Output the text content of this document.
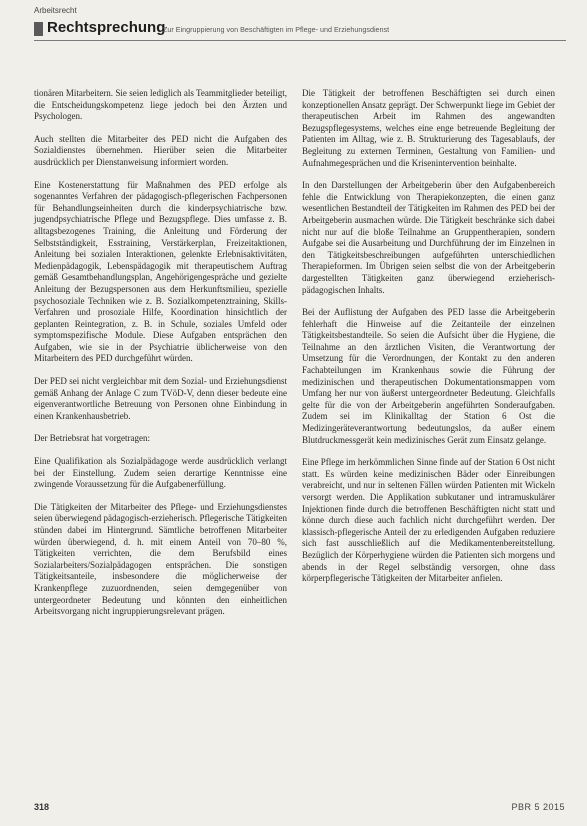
Arbeitsrecht
Rechtsprechung
Zur Eingruppierung von Beschäftigten im Pflege- und Erziehungsdienst

tionären Mitarbeitern. Sie seien lediglich als Teammitglieder beteiligt, die Entscheidungskompetenz liege jedoch bei den Ärzten und Psychologen.

Auch stellten die Mitarbeiter des PED nicht die Aufgaben des Sozialdienstes übernehmen. Hierüber seien die Mitarbeiter ausdrücklich per Dienstanweisung informiert worden.

Eine Kostenerstattung für Maßnahmen des PED erfolge als sogenanntes Verfahren der pädagogisch-pflegerischen Fachpersonen für Behandlungseinheiten durch die kinderpsychiatrische bzw. jugendpsychiatrische Pflege und Bezugspflege. Dies umfasse z. B. alltagsbezogenes Training, die Anleitung und Förderung der Selbstständigkeit, Esstraining, Verstärkerplan, Freizeitaktionen, Anleitung bei sozialen Interaktionen, gelenkte Erlebnisaktivitäten, Medienpädagogik, Lebenspädagogik mit therapeutischem Auftrag gemäß Gesamtbehandlungsplan, Angehörigengespräche und gezielte Anleitung der Bezugspersonen aus dem Herkunftsmilieu, spezielle psychosoziale Techniken wie z. B. Sozialkompetenztraining, Skills-Verfahren und prosoziale Hilfe, Koordination hinsichtlich der geplanten Reintegration, z. B. in Schule, soziales Umfeld oder symptomspezifische Module. Diese Aufgaben entsprächen den Aufgaben, wie sie in der Psychiatrie üblicherweise von den Mitarbeitern des PED durchgeführt würden.

Der PED sei nicht vergleichbar mit dem Sozial- und Erziehungsdienst gemäß Anhang der Anlage C zum TVöD-V, denn dieser bedeute eine eigenverantwortliche Betreuung von Personen ohne Einbindung in einen Krankenhausbetrieb.

Der Betriebsrat hat vorgetragen:

Eine Qualifikation als Sozialpädagoge werde ausdrücklich verlangt bei der Einstellung. Zudem seien derartige Kenntnisse eine zwingende Voraussetzung für die Aufgabenerfüllung.

Die Tätigkeiten der Mitarbeiter des Pflege- und Erziehungsdienstes seien überwiegend pädagogisch-erzieherisch. Pflegerische Tätigkeiten stünden dabei im Hintergrund. Sämtliche betroffenen Mitarbeiter würden überwiegend, d. h. mit einem Anteil von 70–80 %, Tätigkeiten verrichten, die dem Berufsbild eines Sozialarbeiters/Sozialpädagogen entsprächen. Die sonstigen Tätigkeitsanteile, insbesondere die möglicherweise der Krankenpflege zuzuordnenden, seien demgegenüber von untergeordneter Bedeutung und könnten den einheitlichen Arbeitsvorgang nicht ingruppierungsrelevant prägen.

Die Tätigkeit der betroffenen Beschäftigten sei durch einen konzeptionellen Ansatz geprägt. Der Schwerpunkt liege im Gebiet der therapeutischen Arbeit im Rahmen des angewandten Bezugspflegesystems, welches eine enge betreuende Begleitung der Patienten im Alltag, wie z. B. Strukturierung des Tagesablaufs, der Begleitung zu externen Terminen, Gestaltung von Familien- und Aufnahmegesprächen und die Krisenintervention beinhalte.

In den Darstellungen der Arbeitgeberin über den Aufgabenbereich fehle die Entwicklung von Therapiekonzepten, die einen ganz wesentlichen Bestandteil der Tätigkeiten im Rahmen des PED bei der Arbeitgeberin ausmachen würde. Die Tätigkeit beschränke sich dabei nicht nur auf die bloße Teilnahme an Gruppentherapien, sondern Aufgabe sei die Ausarbeitung und Durchführung der im Einzelnen in den Tätigkeitsbeschreibungen aufgeführten unterschiedlichen Therapieformen. Im Übrigen seien selbst die von der Arbeitgeberin dargestellten Tätigkeiten ganz überwiegend erzieherisch-pädagogischen Inhalts.

Bei der Auflistung der Aufgaben des PED lasse die Arbeitgeberin fehlerhaft die Hinweise auf die Zeitanteile der einzelnen Tätigkeitsbestandteile. So seien die Aufsicht über die Hygiene, die Teilnahme an den ärztlichen Visiten, die Verantwortung der Umsetzung für die Verordnungen, der Kontakt zu den anderen Fachabteilungen im Krankenhaus sowie die Führung der medizinischen und therapeutischen Dokumentationsmappen vom Umfang her nur von äußerst untergeordneter Bedeutung. Gleichfalls gelte für die von der Arbeitgeberin angeführten Sonderaufgaben. Zudem sei im Klinikalltag der Station 6 Ost die Medizingeräteverantwortung bedeutungslos, da außer einem Blutdruckmessgerät kein medizinisches Gerät zum Einsatz gelange.

Eine Pflege im herkömmlichen Sinne finde auf der Station 6 Ost nicht statt. Es würden keine medizinischen Bäder oder Einreibungen verabreicht, und nur in seltenen Fällen würden Patienten mit Wickeln versorgt werden. Die Applikation subkutaner und intramuskulärer Injektionen finde durch die betroffenen Beschäftigten nicht statt und könne durch diese auch fachlich nicht durchgeführt werden. Der klassisch-pflegerische Anteil der zu erledigenden Aufgaben reduziere sich fast ausschließlich auf die Medikamentenbereitstellung. Bezüglich der Körperhygiene würden die Patienten sich morgens und abends in der Regel selbständig versorgen, ohne dass körperpflegerische Tätigkeiten der Mitarbeiter anfielen.

318	PBR 5 2015
